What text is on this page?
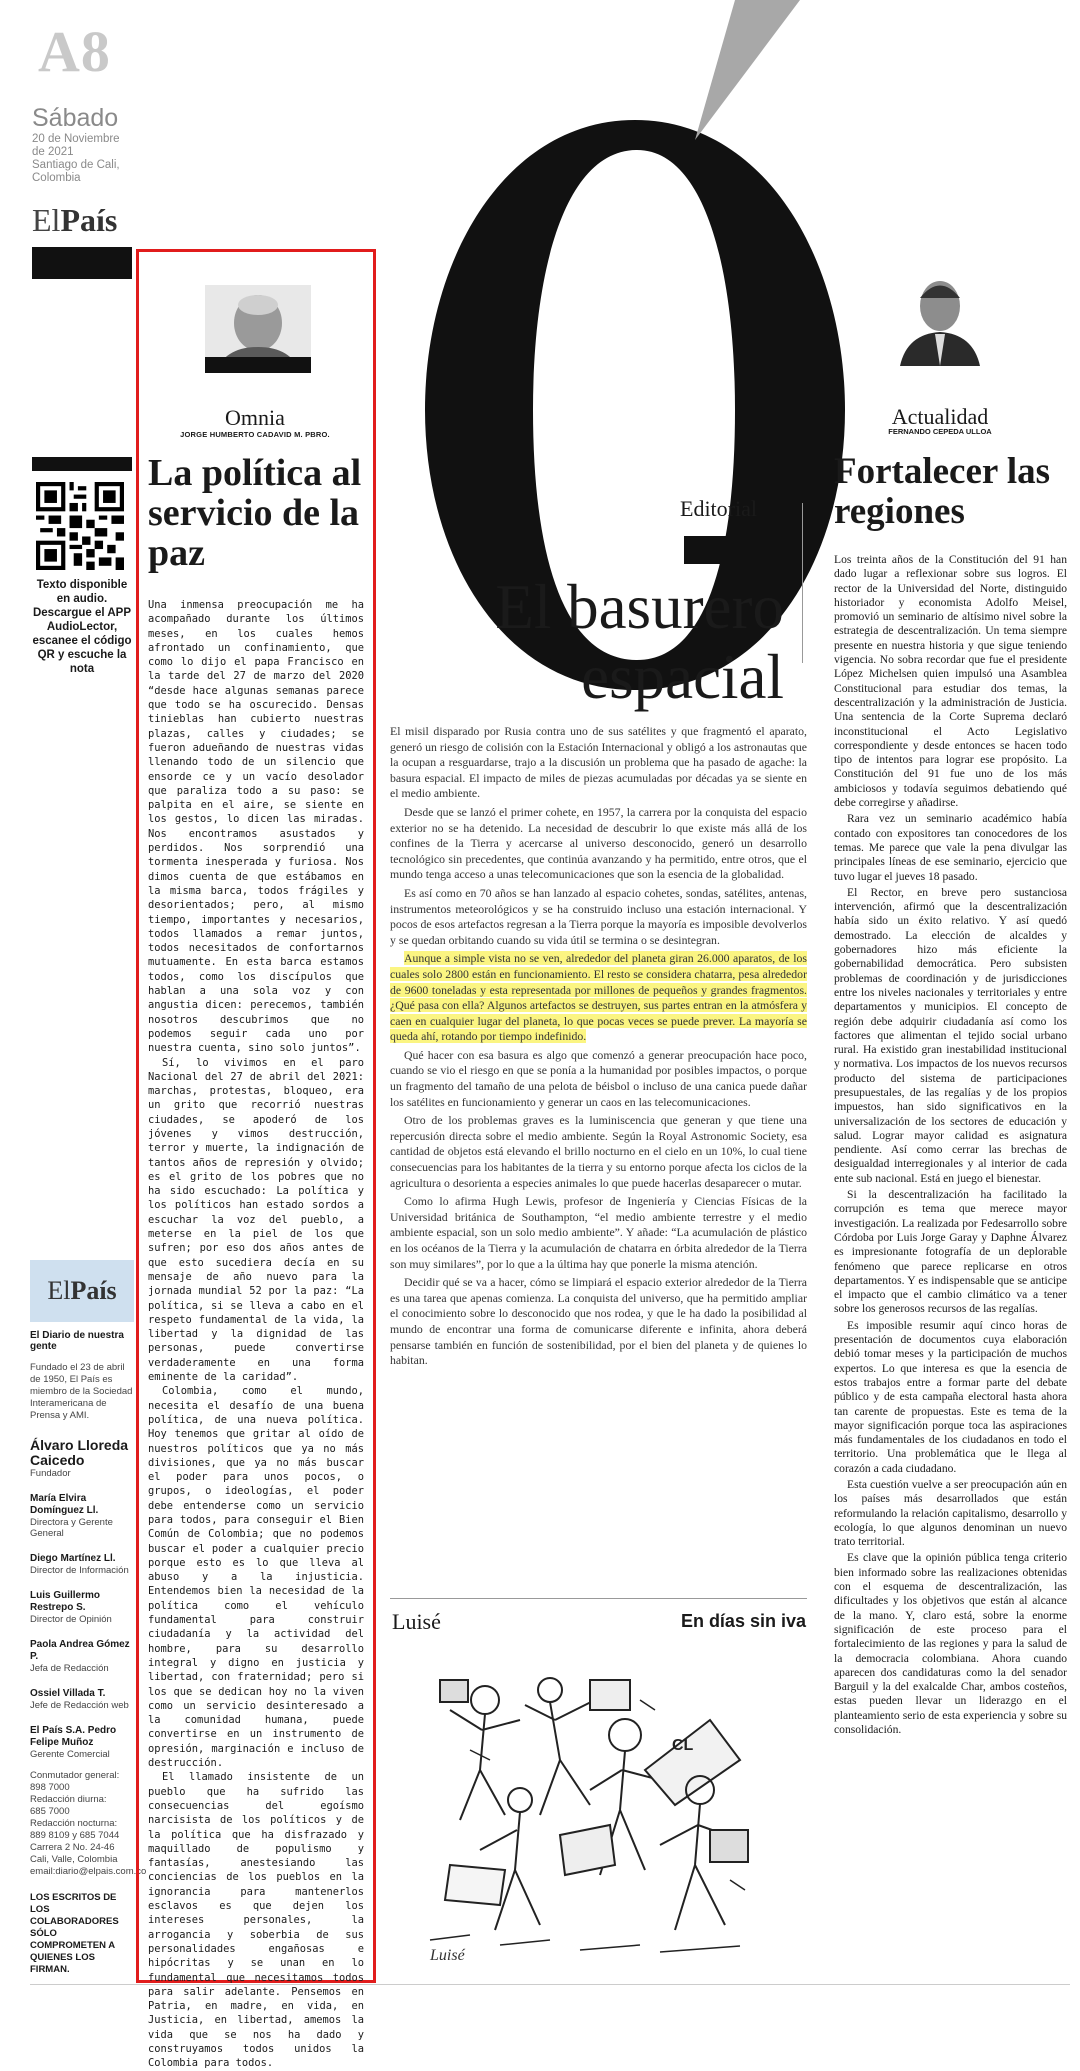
A8
Sábado
20 de Noviembre
de 2021
Santiago de Cali,
Colombia
ElPaís
Texto disponible en audio. Descargue el APP AudioLector, escanee el código QR y escuche la nota
El País
El Diario de nuestra gente
Fundado el 23 de abril de 1950, El País es miembro de la Sociedad Interamericana de Prensa y AMI.
Álvaro Lloreda Caicedo
Fundador
María Elvira Domínguez Ll.
Directora y Gerente General
Diego Martínez Ll.
Director de Información
Luis Guillermo Restrepo S.
Director de Opinión
Paola Andrea Gómez P.
Jefa de Redacción
Ossiel Villada T.
Jefe de Redacción web
El País S.A. Pedro Felipe Muñoz
Gerente Comercial
Conmutador general:
898 7000
Redacción diurna:
685 7000
Redacción nocturna:
889 8109 y 685 7044
Carrera 2 No. 24-46
Cali, Valle, Colombia
email:diario@elpais.com.co
LOS ESCRITOS DE LOS COLABORADORES SÓLO COMPROMETEN A QUIENES LOS FIRMAN.
Omnia
JORGE HUMBERTO CADAVID M. PBRO.
La política al servicio de la paz

Una inmensa preocupación me ha acompañado durante los últimos meses, en los cuales hemos afrontado un confinamiento, que como lo dijo el papa Francisco en la tarde del 27 de marzo del 2020 “desde hace algunas semanas parece que todo se ha oscurecido. Densas tinieblas han cubierto nuestras plazas, calles y ciudades; se fueron adueñando de nuestras vidas llenando todo de un silencio que ensorde ce y un vacío desolador que paraliza todo a su paso: se palpita en el aire, se siente en los gestos, lo dicen las miradas. Nos encontramos asustados y perdidos. Nos sorprendió una tormenta inesperada y furiosa. Nos dimos cuenta de que estábamos en la misma barca, todos frágiles y desorientados; pero, al mismo tiempo, importantes y necesarios, todos llamados a remar juntos, todos necesitados de confortarnos mutuamente. En esta barca estamos todos, como los discípulos que hablan a una sola voz y con angustia dicen: perecemos, también nosotros descubrimos que no podemos seguir cada uno por nuestra cuenta, sino solo juntos”.

Sí, lo vivimos en el paro Nacional del 27 de abril del 2021: marchas, protestas, bloqueo, era un grito que recorrió nuestras ciudades, se apoderó de los jóvenes y vimos destrucción, terror y muerte, la indignación de tantos años de represión y olvido; es el grito de los pobres que no ha sido escuchado: La política y los políticos han estado sordos a escuchar la voz del pueblo, a meterse en la piel de los que sufren; por eso dos años antes de que esto sucediera decía en su mensaje de año nuevo para la jornada mundial 52 por la paz: “La política, si se lleva a cabo en el respeto fundamental de la vida, la libertad y la dignidad de las personas, puede convertirse verdaderamente en una forma eminente de la caridad”.

Colombia, como el mundo, necesita el desafío de una buena política, de una nueva política. Hoy tenemos que gritar al oído de nuestros políticos que ya no más divisiones, que ya no más buscar el poder para unos pocos, o grupos, o ideologías, el poder debe entenderse como un servicio para todos, para conseguir el Bien Común de Colombia; que no podemos buscar el poder a cualquier precio porque esto es lo que lleva al abuso y a la injusticia. Entendemos bien la necesidad de la política como el vehículo fundamental para construir ciudadanía y la actividad del hombre, para su desarrollo integral y digno en justicia y libertad, con fraternidad; pero si los que se dedican hoy no la viven como un servicio desinteresado a la comunidad humana, puede convertirse en un instrumento de opresión, marginación e incluso de destrucción.

El llamado insistente de un pueblo que ha sufrido las consecuencias del egoísmo narcisista de los políticos y de la política que ha disfrazado y maquillado de populismo y fantasías, anestesiando las conciencias de los pueblos en la ignorancia para mantenerlos esclavos es que dejen los intereses personales, la arrogancia y soberbia de sus personalidades engañosas e hipócritas y se unan en lo fundamental que necesitamos todos para salir adelante. Pensemos en Patria, en madre, en vida, en Justicia, en libertad, amemos la vida que se nos ha dado y construyamos todos unidos la Colombia para todos.

Editorial
El basurero
espacial

El misil disparado por Rusia contra uno de sus satélites y que fragmentó el aparato, generó un riesgo de colisión con la Estación Internacional y obligó a los astronautas que la ocupan a resguardarse, trajo a la discusión un problema que ha pasado de agache: la basura espacial. El impacto de miles de piezas acumuladas por décadas ya se siente en el medio ambiente.

Desde que se lanzó el primer cohete, en 1957, la carrera por la conquista del espacio exterior no se ha detenido. La necesidad de descubrir lo que existe más allá de los confines de la Tierra y acercarse al universo desconocido, generó un desarrollo tecnológico sin precedentes, que continúa avanzando y ha permitido, entre otros, que el mundo tenga acceso a unas telecomunicaciones que son la esencia de la globalidad.

Es así como en 70 años se han lanzado al espacio cohetes, sondas, satélites, antenas, instrumentos meteorológicos y se ha construido incluso una estación internacional. Y pocos de esos artefactos regresan a la Tierra porque la mayoría es imposible devolverlos y se quedan orbitando cuando su vida útil se termina o se desintegran.

Aunque a simple vista no se ven, alrededor del planeta giran 26.000 aparatos, de los cuales solo 2800 están en funcionamiento. El resto se considera chatarra, pesa alrededor de 9600 toneladas y esta representada por millones de pequeños y grandes fragmentos. ¿Qué pasa con ella? Algunos artefactos se destruyen, sus partes entran en la atmósfera y caen en cualquier lugar del planeta, lo que pocas veces se puede prever. La mayoría se queda ahí, rotando por tiempo indefinido.

Qué hacer con esa basura es algo que comenzó a generar preocupación hace poco, cuando se vio el riesgo en que se ponía a la humanidad por posibles impactos, o porque un fragmento del tamaño de una pelota de béisbol o incluso de una canica puede dañar los satélites en funcionamiento y generar un caos en las telecomunicaciones.

Otro de los problemas graves es la luminiscencia que generan y que tiene una repercusión directa sobre el medio ambiente. Según la Royal Astronomic Society, esa cantidad de objetos está elevando el brillo nocturno en el cielo en un 10%, lo cual tiene consecuencias para los habitantes de la tierra y su entorno porque afecta los ciclos de la agricultura o desorienta a especies animales lo que puede hacerlas desaparecer o mutar.

Como lo afirma Hugh Lewis, profesor de Ingeniería y Ciencias Físicas de la Universidad británica de Southampton, “el medio ambiente terrestre y el medio ambiente espacial, son un solo medio ambiente”. Y añade: “La acumulación de plástico en los océanos de la Tierra y la acumulación de chatarra en órbita alrededor de la Tierra son muy similares”, por lo que a la última hay que ponerle la misma atención.

Decidir qué se va a hacer, cómo se limpiará el espacio exterior alrededor de la Tierra es una tarea que apenas comienza. La conquista del universo, que ha permitido ampliar el conocimiento sobre lo desconocido que nos rodea, y que le ha dado la posibilidad al mundo de encontrar una forma de comunicarse diferente e infinita, ahora deberá pensarse también en función de sostenibilidad, por el bien del planeta y de quienes lo habitan.

Luisé	En días sin iva
CL
Luisé
Actualidad
FERNANDO CEPEDA ULLOA
Fortalecer las regiones

Los treinta años de la Constitución del 91 han dado lugar a reflexionar sobre sus logros. El rector de la Universidad del Norte, distinguido historiador y economista Adolfo Meisel, promovió un seminario de altísimo nivel sobre la estrategia de descentralización. Un tema siempre presente en nuestra historia y que sigue teniendo vigencia. No sobra recordar que fue el presidente López Michelsen quien impulsó una Asamblea Constitucional para estudiar dos temas, la descentralización y la administración de Justicia. Una sentencia de la Corte Suprema declaró inconstitucional el Acto Legislativo correspondiente y desde entonces se hacen todo tipo de intentos para lograr ese propósito. La Constitución del 91 fue uno de los más ambiciosos y todavía seguimos debatiendo qué debe corregirse y añadirse.

Rara vez un seminario académico había contado con expositores tan conocedores de los temas. Me parece que vale la pena divulgar las principales líneas de ese seminario, ejercicio que tuvo lugar el jueves 18 pasado.

El Rector, en breve pero sustanciosa intervención, afirmó que la descentralización había sido un éxito relativo. Y así quedó demostrado. La elección de alcaldes y gobernadores hizo más eficiente la gobernabilidad democrática. Pero subsisten problemas de coordinación y de jurisdicciones entre los niveles nacionales y territoriales y entre departamentos y municipios. El concepto de región debe adquirir ciudadanía así como los factores que alimentan el tejido social urbano rural. Ha existido gran inestabilidad institucional y normativa. Los impactos de los nuevos recursos producto del sistema de participaciones presupuestales, de las regalías y de los propios impuestos, han sido significativos en la universalización de los sectores de educación y salud. Lograr mayor calidad es asignatura pendiente. Así como cerrar las brechas de desigualdad interregionales y al interior de cada ente sub nacional. Está en juego el bienestar.

Si la descentralización ha facilitado la corrupción es tema que merece mayor investigación. La realizada por Fedesarrollo sobre Córdoba por Luis Jorge Garay y Daphne Álvarez es impresionante fotografía de un deplorable fenómeno que parece replicarse en otros departamentos. Y es indispensable que se anticipe el impacto que el cambio climático va a tener sobre los generosos recursos de las regalías.

Es imposible resumir aquí cinco horas de presentación de documentos cuya elaboración debió tomar meses y la participación de muchos expertos. Lo que interesa es que la esencia de estos trabajos entre a formar parte del debate público y de esta campaña electoral hasta ahora tan carente de propuestas. Este es tema de la mayor significación porque toca las aspiraciones más fundamentales de los ciudadanos en todo el territorio. Una problemática que le llega al corazón a cada ciudadano.

Esta cuestión vuelve a ser preocupación aún en los países más desarrollados que están reformulando la relación capitalismo, desarrollo y ecología, lo que algunos denominan un nuevo trato territorial.

Es clave que la opinión pública tenga criterio bien informado sobre las realizaciones obtenidas con el esquema de descentralización, las dificultades y los objetivos que están al alcance de la mano. Y, claro está, sobre la enorme significación de este proceso para el fortalecimiento de las regiones y para la salud de la democracia colombiana. Ahora cuando aparecen dos candidaturas como la del senador Barguil y la del exalcalde Char, ambos costeños, estas pueden llevar un liderazgo en el planteamiento serio de esta experiencia y sobre su consolidación.
